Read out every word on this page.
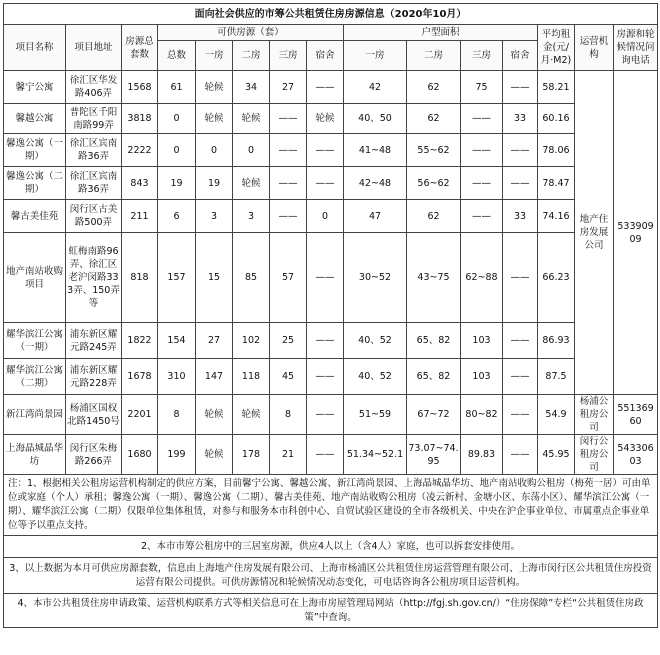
面向社会供应的市筹公共租赁住房房源信息（2020年10月）														
项目名称	项目地址	房源总套数	可供房源（套）					户型面积				平均租金(元/月·M2)	运营机构	房源和轮候情况问询电话
			总数	一房	二房	三房	宿舍	一房	二房	三房	宿舍			
馨宁公寓	徐汇区华发路406弄	1568	61	轮候	34	27	——	42	62	75	——	58.21	地产住房发展公司	53390909
馨越公寓	普陀区千阳南路99弄	3818	0	轮候	轮候	——	轮候	40、50	62	——	33	60.16		
馨逸公寓（一期）	徐汇区宾南路36弄	2222	0	0	0	——	——	41~48	55~62	——	——	78.06		
馨逸公寓（二期）	徐汇区宾南路36弄	843	19	19	轮候	——	——	42~48	56~62	——	——	78.47		
馨古美佳苑	闵行区古美路500弄	211	6	3	3	——	0	47	62	——	33	74.16		
地产南站收购项目	虹梅南路96弄、徐汇区老沪闵路333弄、150弄等	818	157	15	85	57	——	30~52	43~75	62~88	——	66.23		
耀华滨江公寓（一期）	浦东新区耀元路245弄	1822	154	27	102	25	——	40、52	65、82	103	——	86.93		
耀华滨江公寓（二期）	浦东新区耀元路228弄	1678	310	147	118	45	——	40、52	65、82	103	——	87.5		
新江湾尚景园	杨浦区国权北路1450号	2201	8	轮候	轮候	8	——	51~59	67~72	80~82	——	54.9	杨浦公租房公司	55136960
上海晶城晶华坊	闵行区朱梅路266弄	1680	199	轮候	178	21	——	51.34~52.1	73.07~74.95	89.83	——	45.95	闵行公租房公司	54330603
注：1、根据相关公租房运营机构制定的供应方案，目前馨宁公寓、馨越公寓、新江湾尚景园、上海晶城晶华坊、地产南站收购公租房（梅苑一居）可由单位或家庭（个人）承租；馨逸公寓（一期）、馨逸公寓（二期）、馨古美佳苑、地产南站收购公租房（凌云新村、金塘小区、东荡小区）、耀华滨江公寓（一期）、耀华滨江公寓（二期）仅限单位集体租赁，对参与和服务本市科创中心、自贸试验区建设的全市各级机关、中央在沪企事业单位、市属重点企事业单位等予以重点支持。														
2、本市市筹公租房中的三居室房源，供应4人以上（含4人）家庭，也可以拆套安排使用。														
3、以上数据为本月可供应房源套数，信息由上海地产住房发展有限公司、上海市杨浦区公共租赁住房运营管理有限公司、上海市闵行区公共租赁住房投资运营有限公司提供。可供房源情况和轮候情况动态变化，可电话咨询各公租房项目运营机构。														
4、本市公共租赁住房申请政策、运营机构联系方式等相关信息可在上海市房屋管理局网站（http://fgj.sh.gov.cn/）“住房保障”专栏“公共租赁住房政策”中查询。														
